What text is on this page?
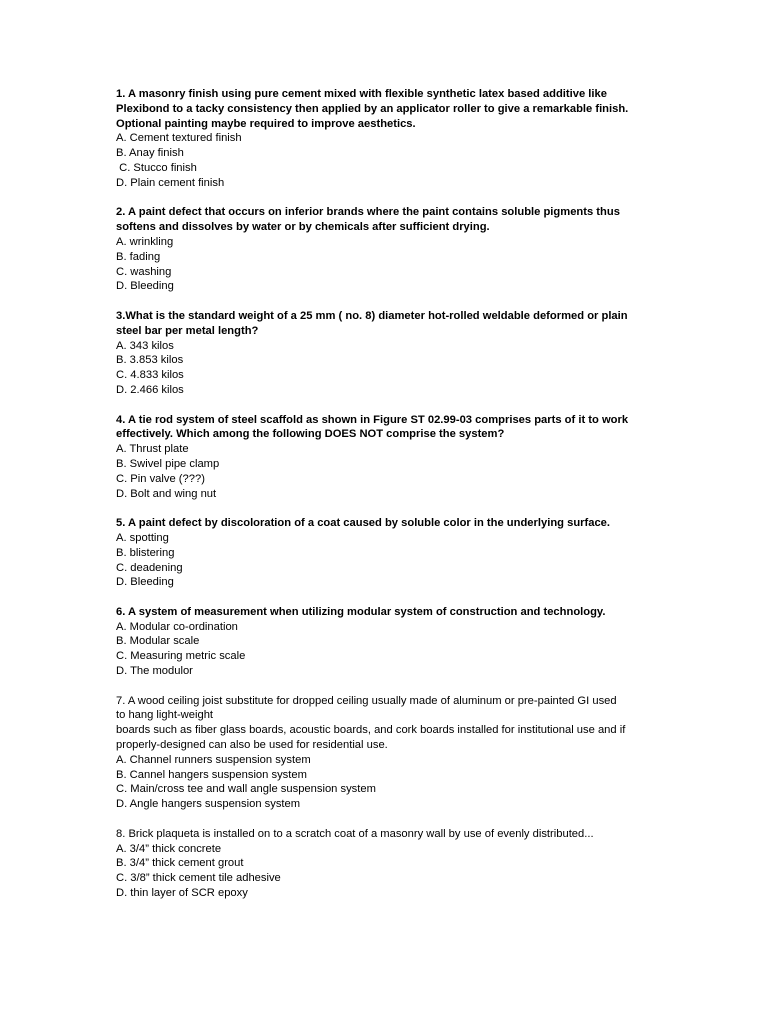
1. A masonry finish using pure cement mixed with flexible synthetic latex based additive like
Plexibond to a tacky consistency then applied by an applicator roller to give a remarkable finish.
Optional painting maybe required to improve aesthetics.
A. Cement textured finish
B. Anay finish
C. Stucco finish
D. Plain cement finish
2. A paint defect that occurs on inferior brands where the paint contains soluble pigments thus
softens and dissolves by water or by chemicals after sufficient drying.
A. wrinkling
B. fading
C. washing
D. Bleeding
3.What is the standard weight of a 25 mm ( no. 8) diameter hot-rolled weldable deformed or plain
steel bar per metal length?
A. 343 kilos
B. 3.853 kilos
C. 4.833 kilos
D. 2.466 kilos
4. A tie rod system of steel scaffold as shown in Figure ST 02.99-03 comprises parts of it to work
effectively. Which among the following DOES NOT comprise the system?
A. Thrust plate
B. Swivel pipe clamp
C. Pin valve (???)
D. Bolt and wing nut
5. A paint defect by discoloration of a coat caused by soluble color in the underlying surface.
A. spotting
B. blistering
C. deadening
D. Bleeding
6. A system of measurement when utilizing modular system of construction and technology.
A. Modular co-ordination
B. Modular scale
C. Measuring metric scale
D. The modulor
7. A wood ceiling joist substitute for dropped ceiling usually made of aluminum or pre-painted GI used
to hang light-weight
boards such as fiber glass boards, acoustic boards, and cork boards installed for institutional use and if
properly-designed can also be used for residential use.
A. Channel runners suspension system
B. Cannel hangers suspension system
C. Main/cross tee and wall angle suspension system
D. Angle hangers suspension system
8. Brick plaqueta is installed on to a scratch coat of a masonry wall by use of evenly distributed...
A. 3/4” thick concrete
B. 3/4” thick cement grout
C. 3/8” thick cement tile adhesive
D. thin layer of SCR epoxy
